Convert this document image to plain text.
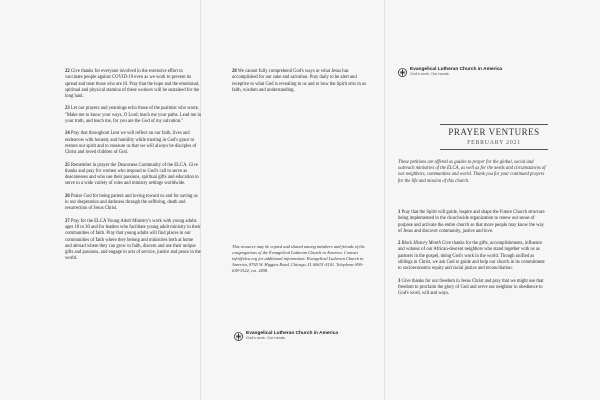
22 Give thanks for everyone involved in the extensive effort to vaccinate people against COVID-19 even as we work to prevent its spread and treat those who are ill. Pray that the hope and the emotional, spiritual and physical stamina of these workers will be sustained for the long haul.

23 Let our prayers and yearnings echo those of the psalmist who wrote, "Make me to know your ways, O Lord; teach me your paths. Lead me in your truth, and teach me, for you are the God of my salvation."

24 Pray that throughout Lent we will reflect on our faith, lives and endeavors with honesty and humility while trusting in God's grace to restore our spirit and to reassure us that we will always be disciples of Christ and loved children of God.

25 Remember in prayer the Deaconess Community of the ELCA. Give thanks and pray for women who respond to God's call to serve as deaconesses and who use their passions, spiritual gifts and education to serve in a wide variety of roles and ministry settings worldwide.

26 Praise God for being patient and loving toward us and for saving us in our desperation and darkness through the suffering, death and resurrection of Jesus Christ.

27 Pray for the ELCA Young Adult Ministry's work with young adults ages 18 to 30 and for leaders who facilitate young adult ministry in their communities of faith. Pray that young adults will find places in our communities of faith where they belong and ministries both at home and abroad where they can grow in faith, discern and use their unique gifts and passions, and engage in acts of service, justice and peace in the world.

28 We cannot fully comprehend God's ways or what Jesus has accomplished for our sake and salvation. Pray daily to be alert and receptive to what God is revealing to us and to how the Spirit stirs in us faith, wisdom and understanding.

This resource may be copied and shared among members and friends of the congregations of the Evangelical Lutheran Church in America. Contact info@elca.org for additional information. Evangelical Lutheran Church in America, 8765 W. Higgins Road, Chicago, IL 60631-4101. Telephone 800-638-3522, ext. 2458.
Evangelical Lutheran Church in America
God's work. Our hands.
Evangelical Lutheran Church in America
God's work. Our hands.
PRAYER VENTURES
FEBRUARY 2021
These petitions are offered as guides to prayer for the global, social and outreach ministries of the ELCA, as well as for the needs and circumstances of our neighbors, communities and world. Thank you for your continued prayers for the life and mission of this church.

1 Pray that the Spirit will guide, inspire and shape the Future Church structure being implemented in the churchwide organization to renew our sense of purpose and activate the entire church so that more people may know the way of Jesus and discover community, justice and love.

2 Black History Month Give thanks for the gifts, accomplishments, influence and witness of our African-descent neighbors who stand together with us as partners in the gospel, doing God's work in the world. Though unified as siblings in Christ, we ask God to guide and help our church in its commitment to socioeconomic equity and racial justice and reconciliation.

3 Give thanks for our freedom in Jesus Christ and pray that we might use that freedom to proclaim the glory of God and serve our neighbor in obedience to God's word, will and ways.
